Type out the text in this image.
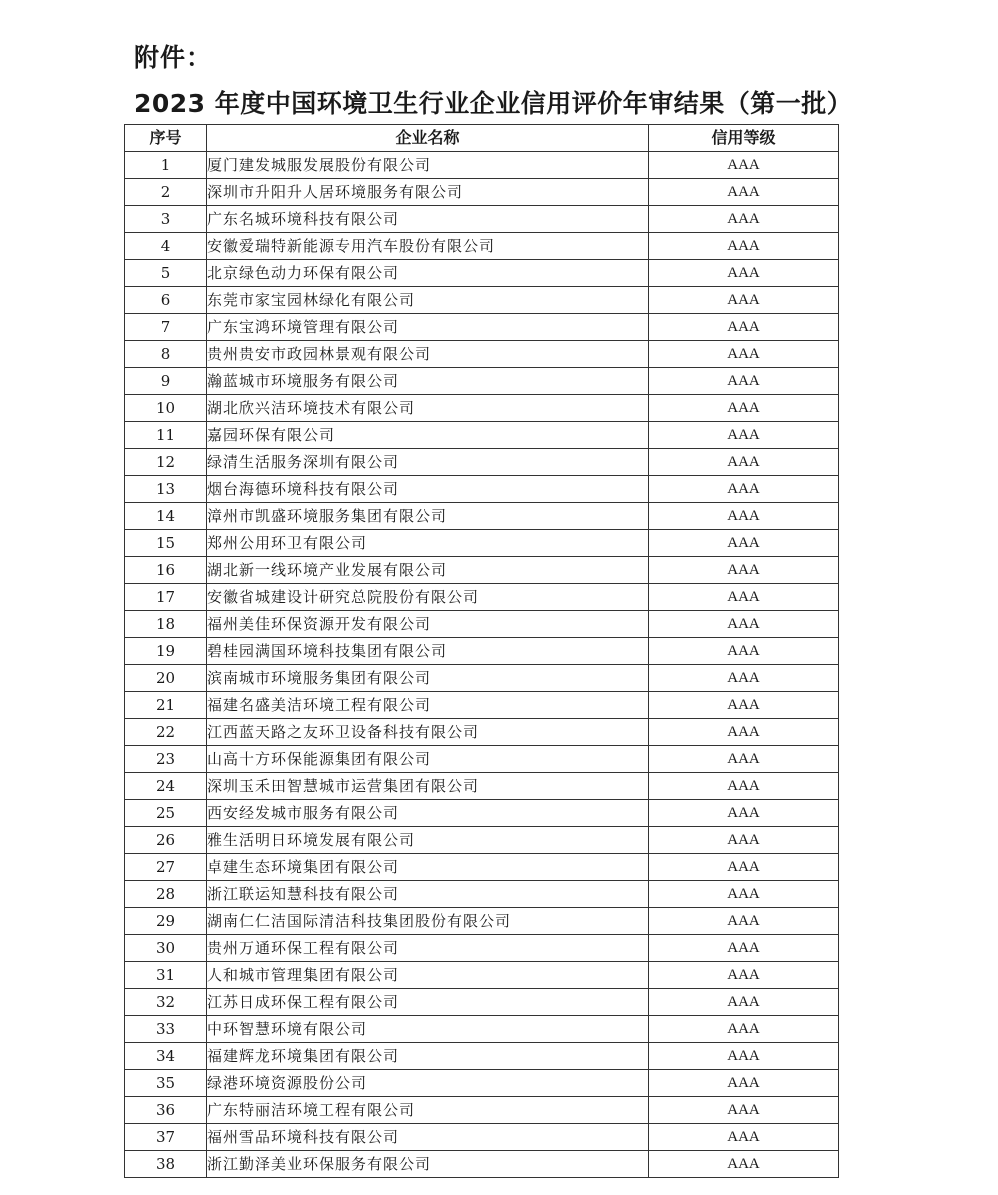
附件：
2023 年度中国环境卫生行业企业信用评价年审结果（第一批）
序号	企业名称	信用等级
1	厦门建发城服发展股份有限公司	AAA
2	深圳市升阳升人居环境服务有限公司	AAA
3	广东名城环境科技有限公司	AAA
4	安徽爱瑞特新能源专用汽车股份有限公司	AAA
5	北京绿色动力环保有限公司	AAA
6	东莞市家宝园林绿化有限公司	AAA
7	广东宝鸿环境管理有限公司	AAA
8	贵州贵安市政园林景观有限公司	AAA
9	瀚蓝城市环境服务有限公司	AAA
10	湖北欣兴洁环境技术有限公司	AAA
11	嘉园环保有限公司	AAA
12	绿清生活服务深圳有限公司	AAA
13	烟台海德环境科技有限公司	AAA
14	漳州市凯盛环境服务集团有限公司	AAA
15	郑州公用环卫有限公司	AAA
16	湖北新一线环境产业发展有限公司	AAA
17	安徽省城建设计研究总院股份有限公司	AAA
18	福州美佳环保资源开发有限公司	AAA
19	碧桂园满国环境科技集团有限公司	AAA
20	滨南城市环境服务集团有限公司	AAA
21	福建名盛美洁环境工程有限公司	AAA
22	江西蓝天路之友环卫设备科技有限公司	AAA
23	山高十方环保能源集团有限公司	AAA
24	深圳玉禾田智慧城市运营集团有限公司	AAA
25	西安经发城市服务有限公司	AAA
26	雅生活明日环境发展有限公司	AAA
27	卓建生态环境集团有限公司	AAA
28	浙江联运知慧科技有限公司	AAA
29	湖南仁仁洁国际清洁科技集团股份有限公司	AAA
30	贵州万通环保工程有限公司	AAA
31	人和城市管理集团有限公司	AAA
32	江苏日成环保工程有限公司	AAA
33	中环智慧环境有限公司	AAA
34	福建辉龙环境集团有限公司	AAA
35	绿港环境资源股份公司	AAA
36	广东特丽洁环境工程有限公司	AAA
37	福州雪品环境科技有限公司	AAA
38	浙江勤泽美业环保服务有限公司	AAA
